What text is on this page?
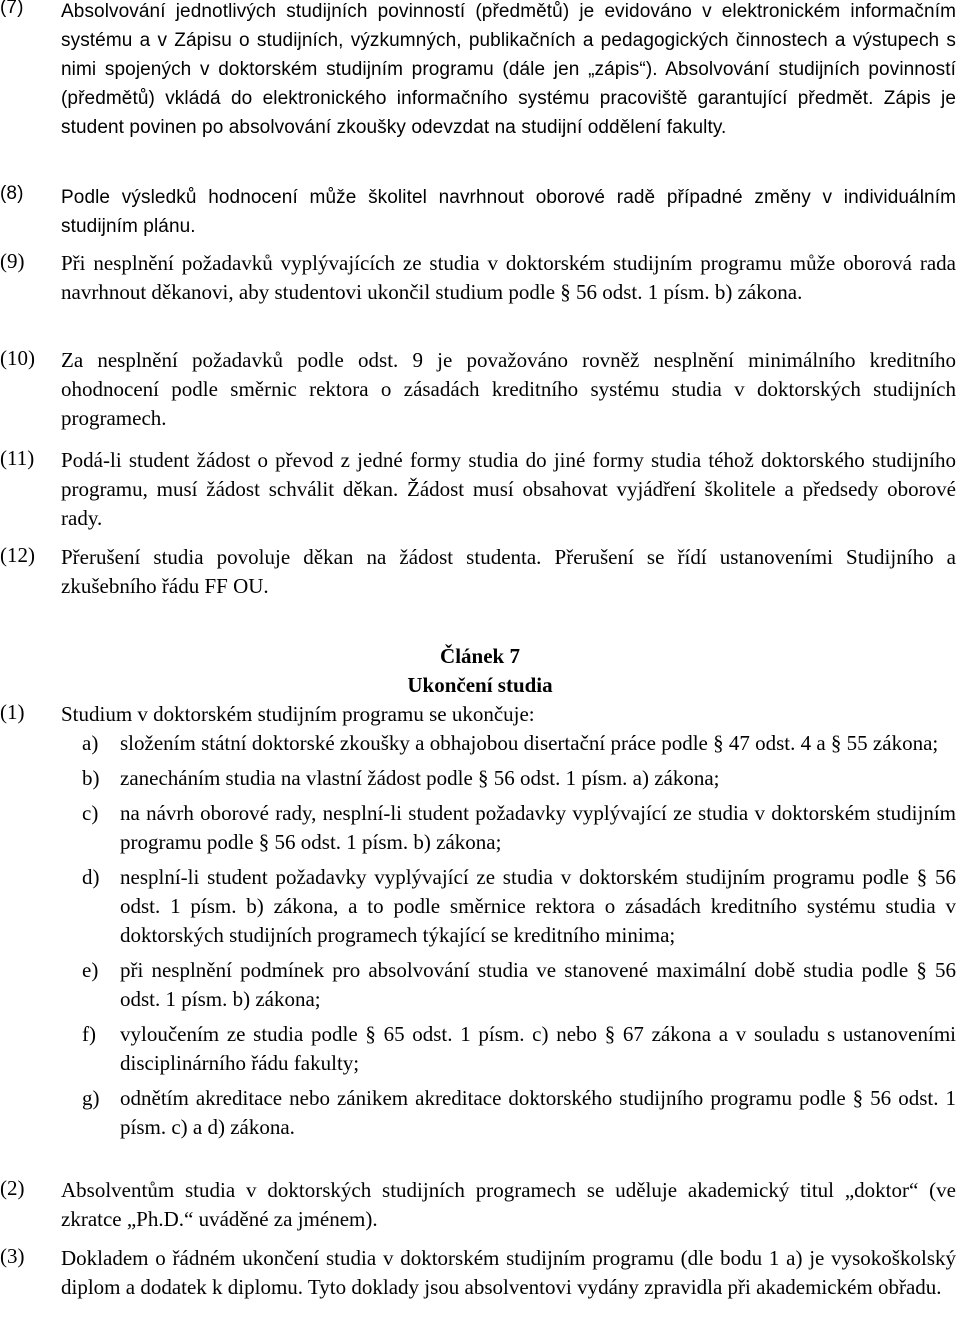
(7) Absolvování jednotlivých studijních povinností (předmětů) je evidováno v elektronickém informačním systému a v Zápisu o studijních, výzkumných, publikačních a pedagogických činnostech a výstupech s nimi spojených v doktorském studijním programu (dále jen „zápis“). Absolvování studijních povinností (předmětů) vkládá do elektronického informačního systému pracoviště garantující předmět. Zápis je student povinen po absolvování zkoušky odevzdat na studijní oddělení fakulty.
(8) Podle výsledků hodnocení může školitel navrhnout oborové radě případné změny v individuálním studijním plánu.
(9) Při nesplnění požadavků vyplývajících ze studia v doktorském studijním programu může oborová rada navrhnout děkanovi, aby studentovi ukončil studium podle § 56 odst. 1 písm. b) zákona.
(10) Za nesplnění požadavků podle odst. 9 je považováno rovněž nesplnění minimálního kreditního ohodnocení podle směrnic rektora o zásadách kreditního systému studia v doktorských studijních programech.
(11) Podá-li student žádost o převod z jedné formy studia do jiné formy studia téhož doktorského studijního programu, musí žádost schválit děkan. Žádost musí obsahovat vyjádření školitele a předsedy oborové rady.
(12) Přerušení studia povoluje děkan na žádost studenta. Přerušení se řídí ustanoveními Studijního a zkušebního řádu FF OU.
Článek 7
Ukončení studia
(1) Studium v doktorském studijním programu se ukončuje:
a) složením státní doktorské zkoušky a obhajobou disertační práce podle § 47 odst. 4 a § 55 zákona;
b) zanecháním studia na vlastní žádost podle § 56 odst. 1 písm. a) zákona;
c) na návrh oborové rady, nesplní-li student požadavky vyplývající ze studia v doktorském studijním programu podle § 56 odst. 1 písm. b) zákona;
d) nesplní-li student požadavky vyplývající ze studia v doktorském studijním programu podle § 56 odst. 1 písm. b) zákona, a to podle směrnice rektora o zásadách kreditního systému studia v doktorských studijních programech týkající se kreditního minima;
e) při nesplnění podmínek pro absolvování studia ve stanovené maximální době studia podle § 56 odst. 1 písm. b) zákona;
f) vyloučením ze studia podle § 65 odst. 1 písm. c) nebo § 67 zákona a v souladu s ustanoveními disciplinárního řádu fakulty;
g) odnětím akreditace nebo zánikem akreditace doktorského studijního programu podle § 56 odst. 1 písm. c) a d) zákona.
(2) Absolventům studia v doktorských studijních programech se uděluje akademický titul „doktor“ (ve zkratce „Ph.D.“ uváděné za jménem).
(3) Dokladem o řádném ukončení studia v doktorském studijním programu (dle bodu 1 a) je vysokoškolský diplom a dodatek k diplomu. Tyto doklady jsou absolventovi vydány zpravidla při akademickém obřadu.
